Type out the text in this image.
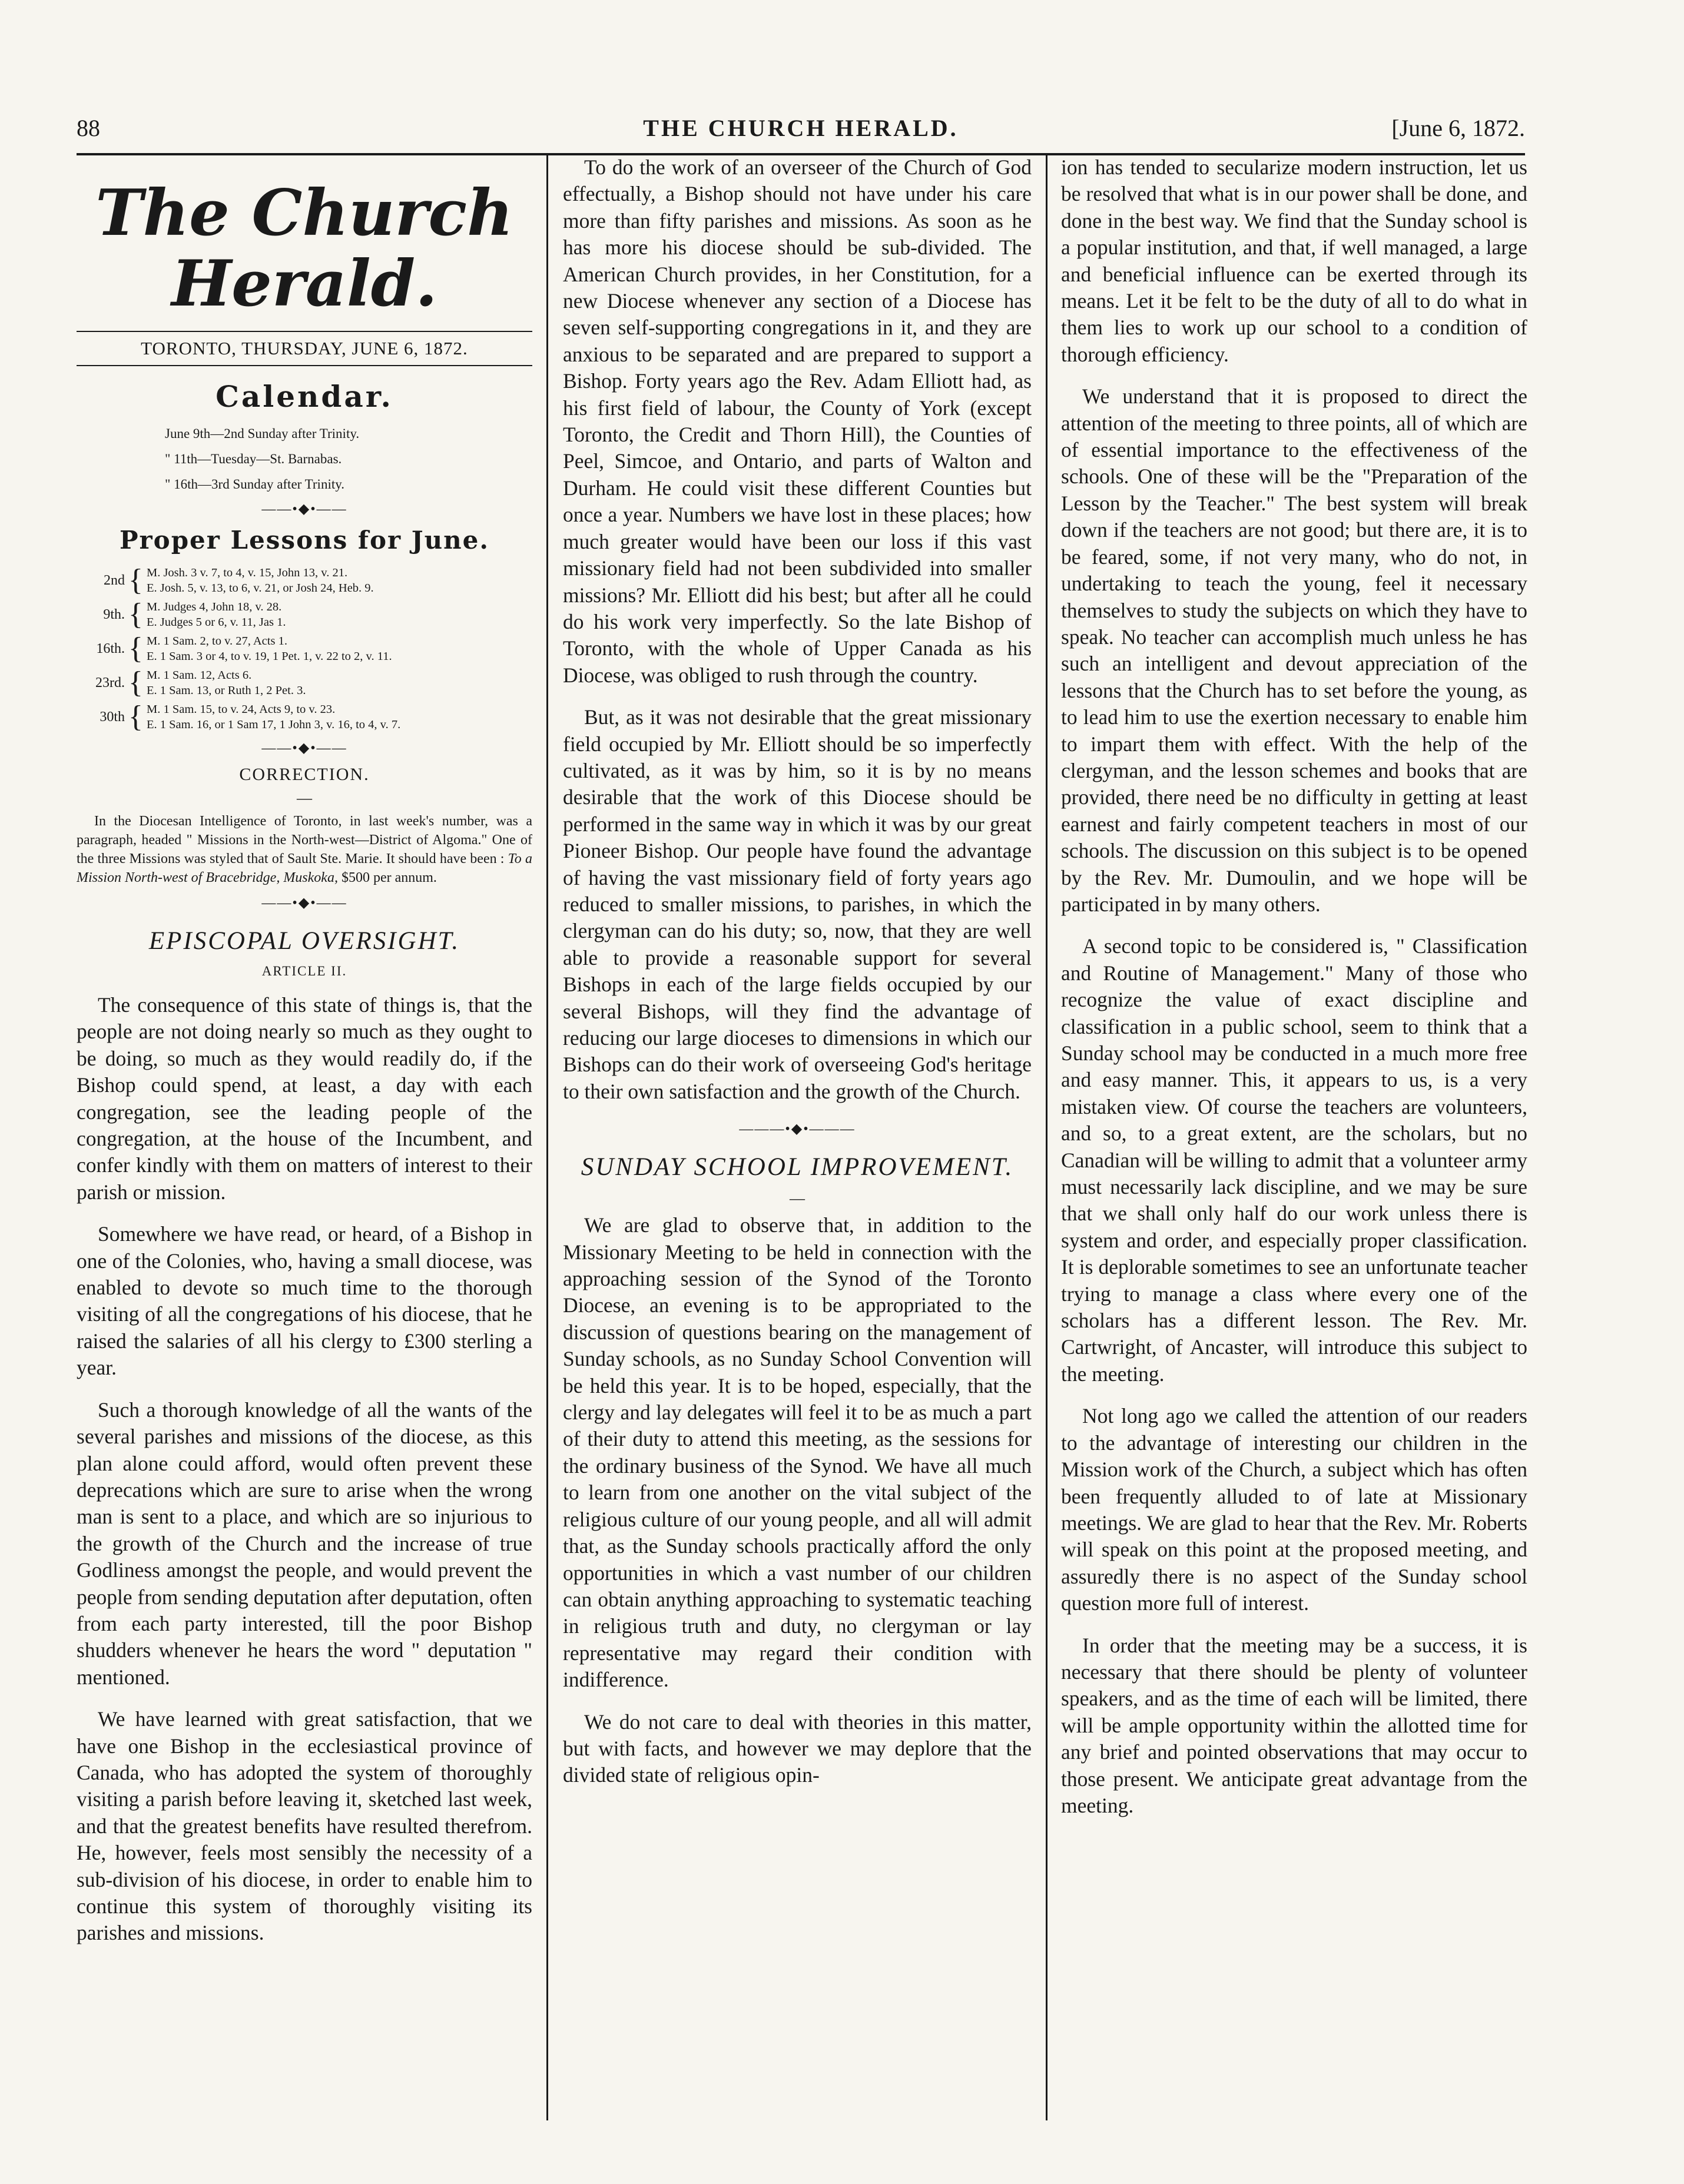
88	THE CHURCH HERALD.	[June 6, 1872.
The Church Herald.
TORONTO, THURSDAY, JUNE 6, 1872.
Calendar.
June 9th—2nd Sunday after Trinity.
" 11th—Tuesday—St. Barnabas.
" 16th—3rd Sunday after Trinity.
——•◆•——
Proper Lessons for June.
2nd { M. Josh. 3 v. 7, to 4, v. 15, John 13, v. 21.
E. Josh. 5, v. 13, to 6, v. 21, or Josh 24, Heb. 9.
9th. { M. Judges 4, John 18, v. 28.
E. Judges 5 or 6, v. 11, Jas 1.
16th. { M. 1 Sam. 2, to v. 27, Acts 1.
E. 1 Sam. 3 or 4, to v. 19, 1 Pet. 1, v. 22 to 2, v. 11.
23rd. { M. 1 Sam. 12, Acts 6.
E. 1 Sam. 13, or Ruth 1, 2 Pet. 3.
30th { M. 1 Sam. 15, to v. 24, Acts 9, to v. 23.
E. 1 Sam. 16, or 1 Sam 17, 1 John 3, v. 16, to 4, v. 7.
——•◆•——
CORRECTION.
—
In the Diocesan Intelligence of Toronto, in last week's number, was a paragraph, headed " Missions in the North-west—District of Algoma." One of the three Missions was styled that of Sault Ste. Marie. It should have been : To a Mission North-west of Bracebridge, Muskoka, $500 per annum.
——•◆•——
EPISCOPAL OVERSIGHT.
ARTICLE II.

The consequence of this state of things is, that the people are not doing nearly so much as they ought to be doing, so much as they would readily do, if the Bishop could spend, at least, a day with each congregation, see the leading people of the congregation, at the house of the Incumbent, and confer kindly with them on matters of interest to their parish or mission.

Somewhere we have read, or heard, of a Bishop in one of the Colonies, who, having a small diocese, was enabled to devote so much time to the thorough visiting of all the congregations of his diocese, that he raised the salaries of all his clergy to £300 sterling a year.

Such a thorough knowledge of all the wants of the several parishes and missions of the diocese, as this plan alone could afford, would often prevent these deprecations which are sure to arise when the wrong man is sent to a place, and which are so injurious to the growth of the Church and the increase of true Godliness amongst the people, and would prevent the people from sending deputation after deputation, often from each party interested, till the poor Bishop shudders whenever he hears the word " deputation " mentioned.

We have learned with great satisfaction, that we have one Bishop in the ecclesiastical province of Canada, who has adopted the system of thoroughly visiting a parish before leaving it, sketched last week, and that the greatest benefits have resulted therefrom. He, however, feels most sensibly the necessity of a sub-division of his diocese, in order to enable him to continue this system of thoroughly visiting its parishes and missions.

To do the work of an overseer of the Church of God effectually, a Bishop should not have under his care more than fifty parishes and missions. As soon as he has more his diocese should be sub-divided. The American Church provides, in her Constitution, for a new Diocese whenever any section of a Diocese has seven self-supporting congregations in it, and they are anxious to be separated and are prepared to support a Bishop. Forty years ago the Rev. Adam Elliott had, as his first field of labour, the County of York (except Toronto, the Credit and Thorn Hill), the Counties of Peel, Simcoe, and Ontario, and parts of Walton and Durham. He could visit these different Counties but once a year. Numbers we have lost in these places; how much greater would have been our loss if this vast missionary field had not been subdivided into smaller missions? Mr. Elliott did his best; but after all he could do his work very imperfectly. So the late Bishop of Toronto, with the whole of Upper Canada as his Diocese, was obliged to rush through the country.

But, as it was not desirable that the great missionary field occupied by Mr. Elliott should be so imperfectly cultivated, as it was by him, so it is by no means desirable that the work of this Diocese should be performed in the same way in which it was by our great Pioneer Bishop. Our people have found the advantage of having the vast missionary field of forty years ago reduced to smaller missions, to parishes, in which the clergyman can do his duty; so, now, that they are well able to provide a reasonable support for several Bishops in each of the large fields occupied by our several Bishops, will they find the advantage of reducing our large dioceses to dimensions in which our Bishops can do their work of overseeing God's heritage to their own satisfaction and the growth of the Church.

———•◆•———
SUNDAY SCHOOL IMPROVEMENT.
—

We are glad to observe that, in addition to the Missionary Meeting to be held in connection with the approaching session of the Synod of the Toronto Diocese, an evening is to be appropriated to the discussion of questions bearing on the management of Sunday schools, as no Sunday School Convention will be held this year. It is to be hoped, especially, that the clergy and lay delegates will feel it to be as much a part of their duty to attend this meeting, as the sessions for the ordinary business of the Synod. We have all much to learn from one another on the vital subject of the religious culture of our young people, and all will admit that, as the Sunday schools practically afford the only opportunities in which a vast number of our children can obtain anything approaching to systematic teaching in religious truth and duty, no clergyman or lay representative may regard their condition with indifference.

We do not care to deal with theories in this matter, but with facts, and however we may deplore that the divided state of religious opin-

ion has tended to secularize modern instruction, let us be resolved that what is in our power shall be done, and done in the best way. We find that the Sunday school is a popular institution, and that, if well managed, a large and beneficial influence can be exerted through its means. Let it be felt to be the duty of all to do what in them lies to work up our school to a condition of thorough efficiency.

We understand that it is proposed to direct the attention of the meeting to three points, all of which are of essential importance to the effectiveness of the schools. One of these will be the "Preparation of the Lesson by the Teacher." The best system will break down if the teachers are not good; but there are, it is to be feared, some, if not very many, who do not, in undertaking to teach the young, feel it necessary themselves to study the subjects on which they have to speak. No teacher can accomplish much unless he has such an intelligent and devout appreciation of the lessons that the Church has to set before the young, as to lead him to use the exertion necessary to enable him to impart them with effect. With the help of the clergyman, and the lesson schemes and books that are provided, there need be no difficulty in getting at least earnest and fairly competent teachers in most of our schools. The discussion on this subject is to be opened by the Rev. Mr. Dumoulin, and we hope will be participated in by many others.

A second topic to be considered is, " Classification and Routine of Management." Many of those who recognize the value of exact discipline and classification in a public school, seem to think that a Sunday school may be conducted in a much more free and easy manner. This, it appears to us, is a very mistaken view. Of course the teachers are volunteers, and so, to a great extent, are the scholars, but no Canadian will be willing to admit that a volunteer army must necessarily lack discipline, and we may be sure that we shall only half do our work unless there is system and order, and especially proper classification. It is deplorable sometimes to see an unfortunate teacher trying to manage a class where every one of the scholars has a different lesson. The Rev. Mr. Cartwright, of Ancaster, will introduce this subject to the meeting.

Not long ago we called the attention of our readers to the advantage of interesting our children in the Mission work of the Church, a subject which has often been frequently alluded to of late at Missionary meetings. We are glad to hear that the Rev. Mr. Roberts will speak on this point at the proposed meeting, and assuredly there is no aspect of the Sunday school question more full of interest.

In order that the meeting may be a success, it is necessary that there should be plenty of volunteer speakers, and as the time of each will be limited, there will be ample opportunity within the allotted time for any brief and pointed observations that may occur to those present. We anticipate great advantage from the meeting.
